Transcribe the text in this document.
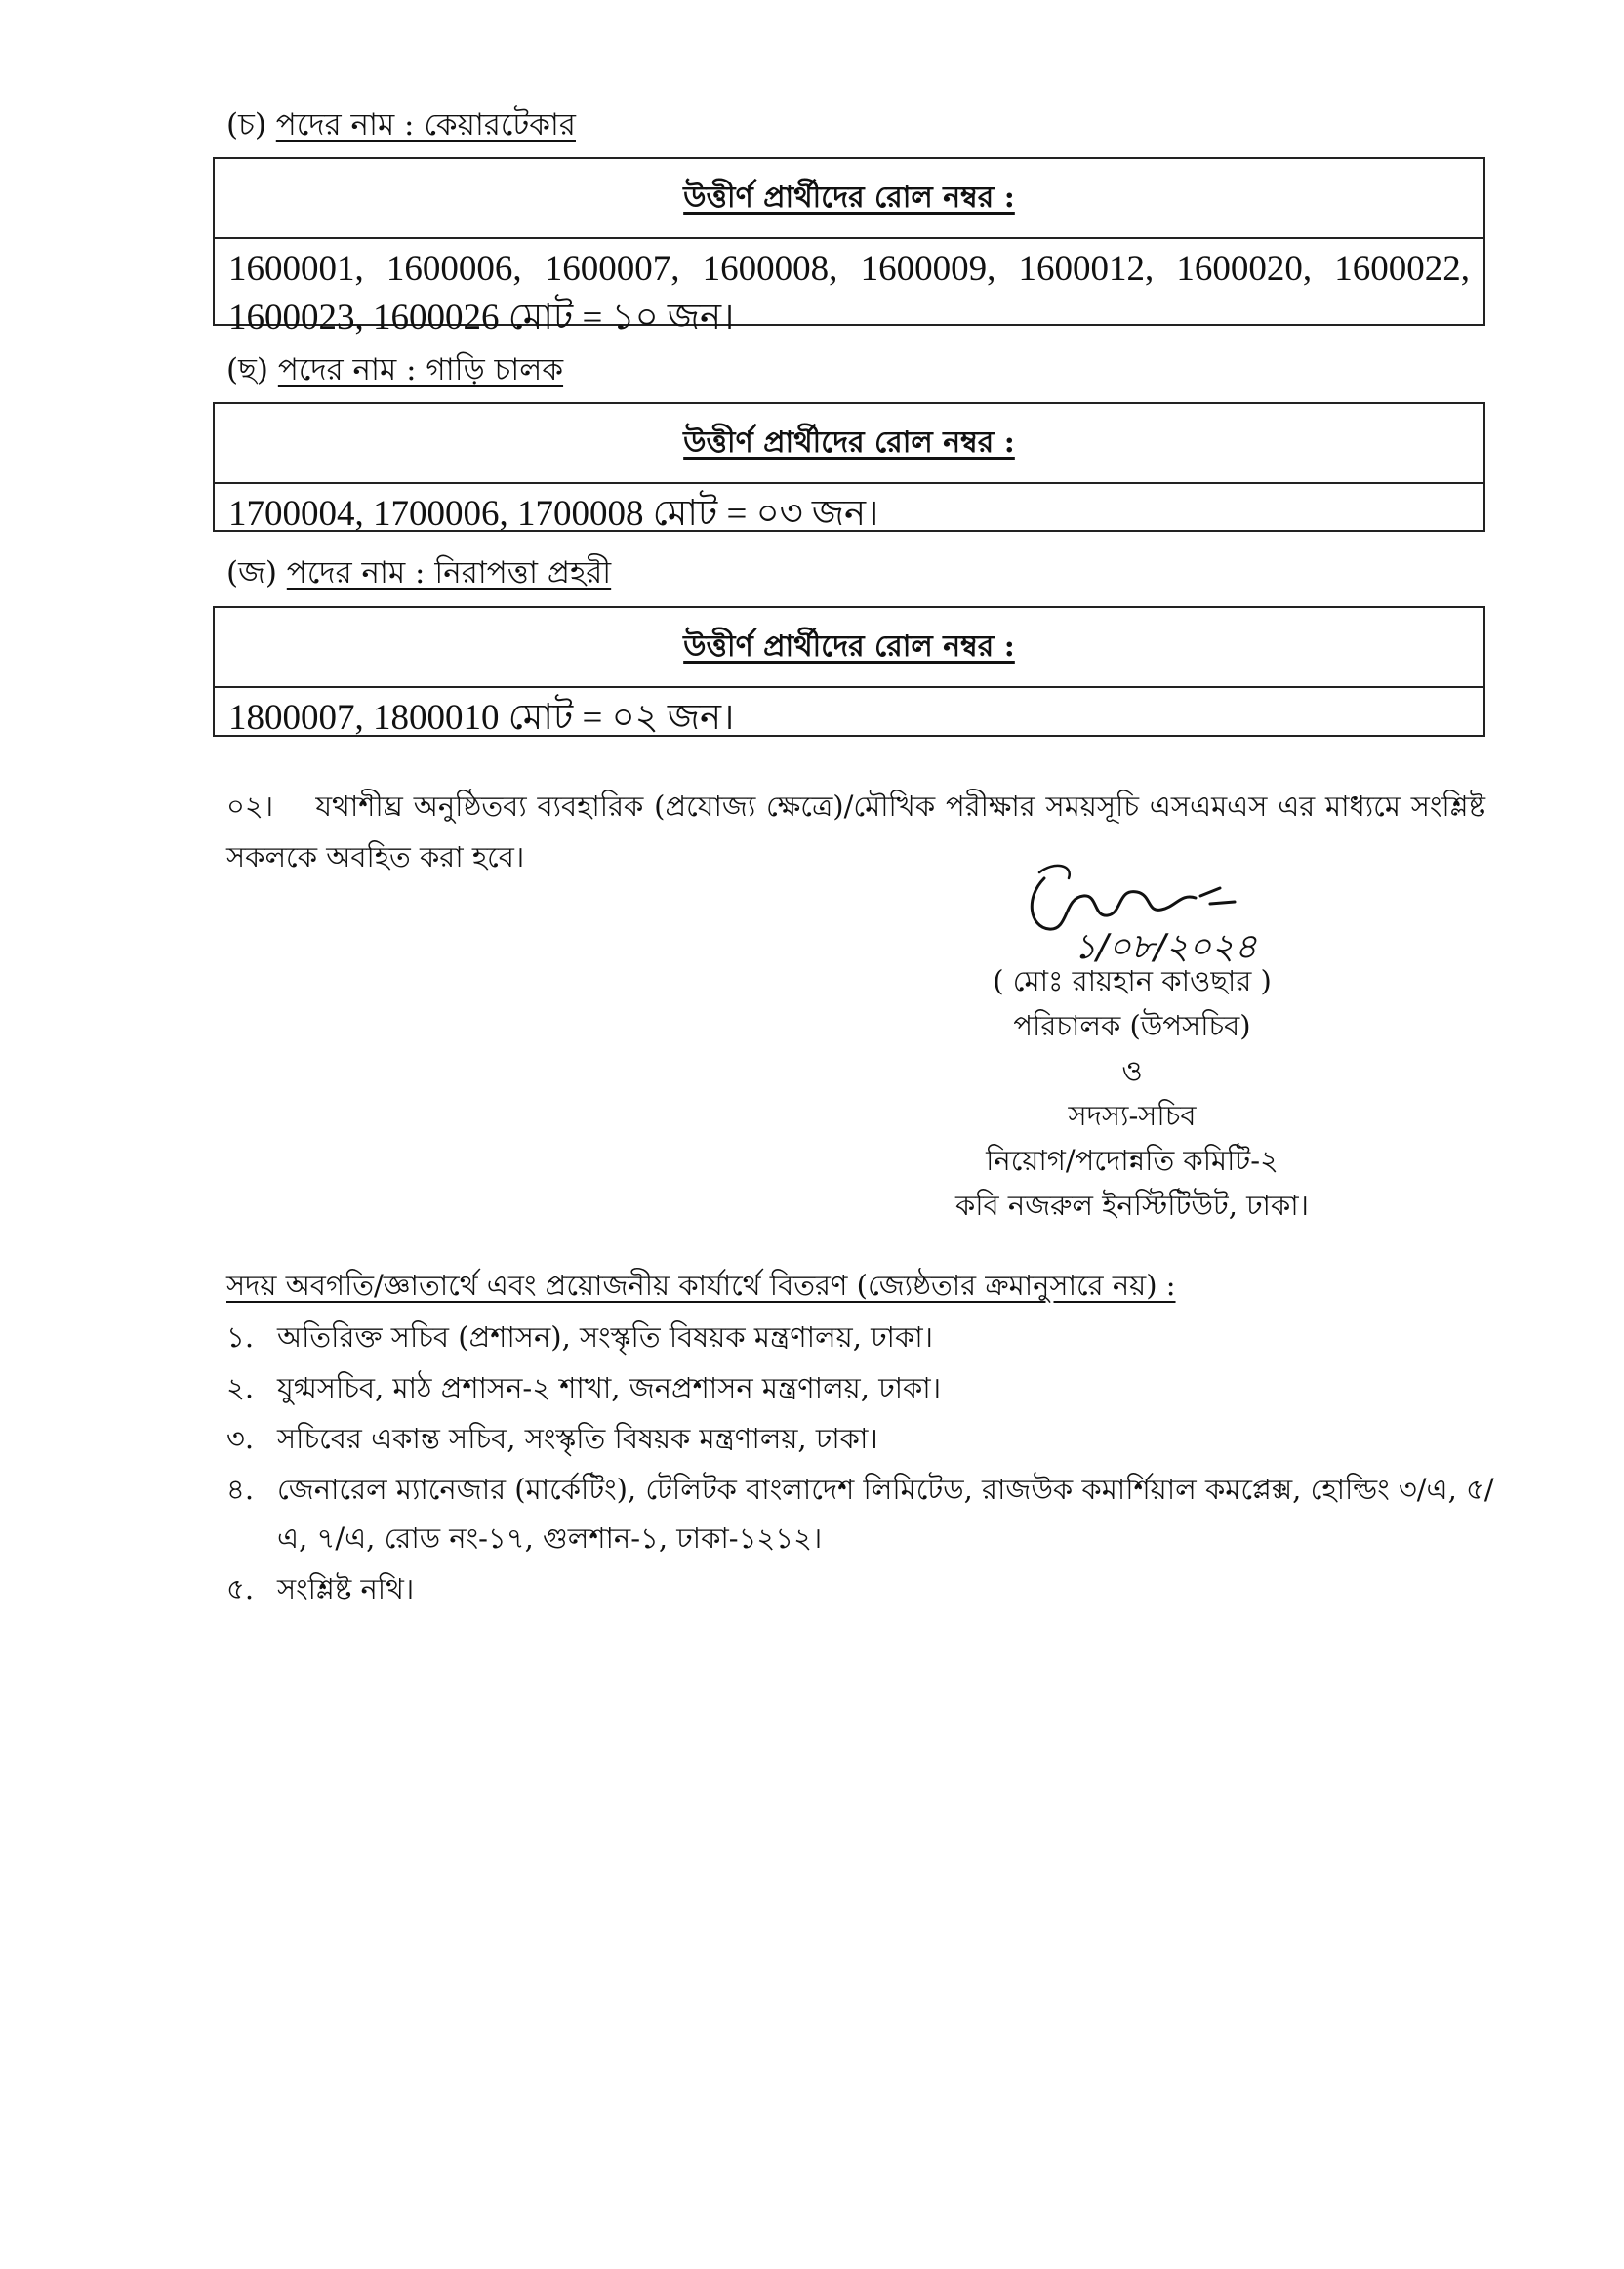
(চ) পদের নাম : কেয়ারটেকার
উত্তীর্ণ প্রার্থীদের রোল নম্বর :
1600001, 1600006, 1600007, 1600008, 1600009, 1600012, 1600020, 1600022, 1600023, 1600026 মোট = ১০ জন।
(ছ) পদের নাম : গাড়ি চালক
উত্তীর্ণ প্রার্থীদের রোল নম্বর :
1700004, 1700006, 1700008 মোট = ০৩ জন।
(জ) পদের নাম : নিরাপত্তা প্রহরী
উত্তীর্ণ প্রার্থীদের রোল নম্বর :
1800007, 1800010 মোট = ০২ জন।
০২। যথাশীঘ্র অনুষ্ঠিতব্য ব্যবহারিক (প্রযোজ্য ক্ষেত্রে)/মৌখিক পরীক্ষার সময়সূচি এসএমএস এর মাধ্যমে সংশ্লিষ্ট সকলকে অবহিত করা হবে।
১/০৮/২০২৪
( মোঃ রায়হান কাওছার )
পরিচালক (উপসচিব)
ও
সদস্য-সচিব
নিয়োগ/পদোন্নতি কমিটি-২
কবি নজরুল ইনস্টিটিউট, ঢাকা।
সদয় অবগতি/জ্ঞাতার্থে এবং প্রয়োজনীয় কার্যার্থে বিতরণ (জ্যেষ্ঠতার ক্রমানুসারে নয়) :
১. অতিরিক্ত সচিব (প্রশাসন), সংস্কৃতি বিষয়ক মন্ত্রণালয়, ঢাকা।
২. যুগ্মসচিব, মাঠ প্রশাসন-২ শাখা, জনপ্রশাসন মন্ত্রণালয়, ঢাকা।
৩. সচিবের একান্ত সচিব, সংস্কৃতি বিষয়ক মন্ত্রণালয়, ঢাকা।
৪. জেনারেল ম্যানেজার (মার্কেটিং), টেলিটক বাংলাদেশ লিমিটেড, রাজউক কমার্শিয়াল কমপ্লেক্স, হোল্ডিং ৩/এ, ৫/এ, ৭/এ, রোড নং-১৭, গুলশান-১, ঢাকা-১২১২।
৫. সংশ্লিষ্ট নথি।
